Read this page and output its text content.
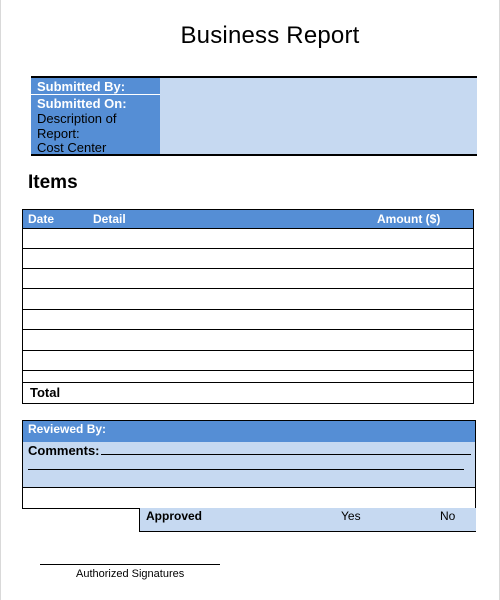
Business Report
Submitted By:
Submitted On:
Description of Report:
Cost Center
Items
Date	Detail	Amount ($)
Total
Reviewed By:
Comments:
Approved	Yes	No
Authorized Signatures
